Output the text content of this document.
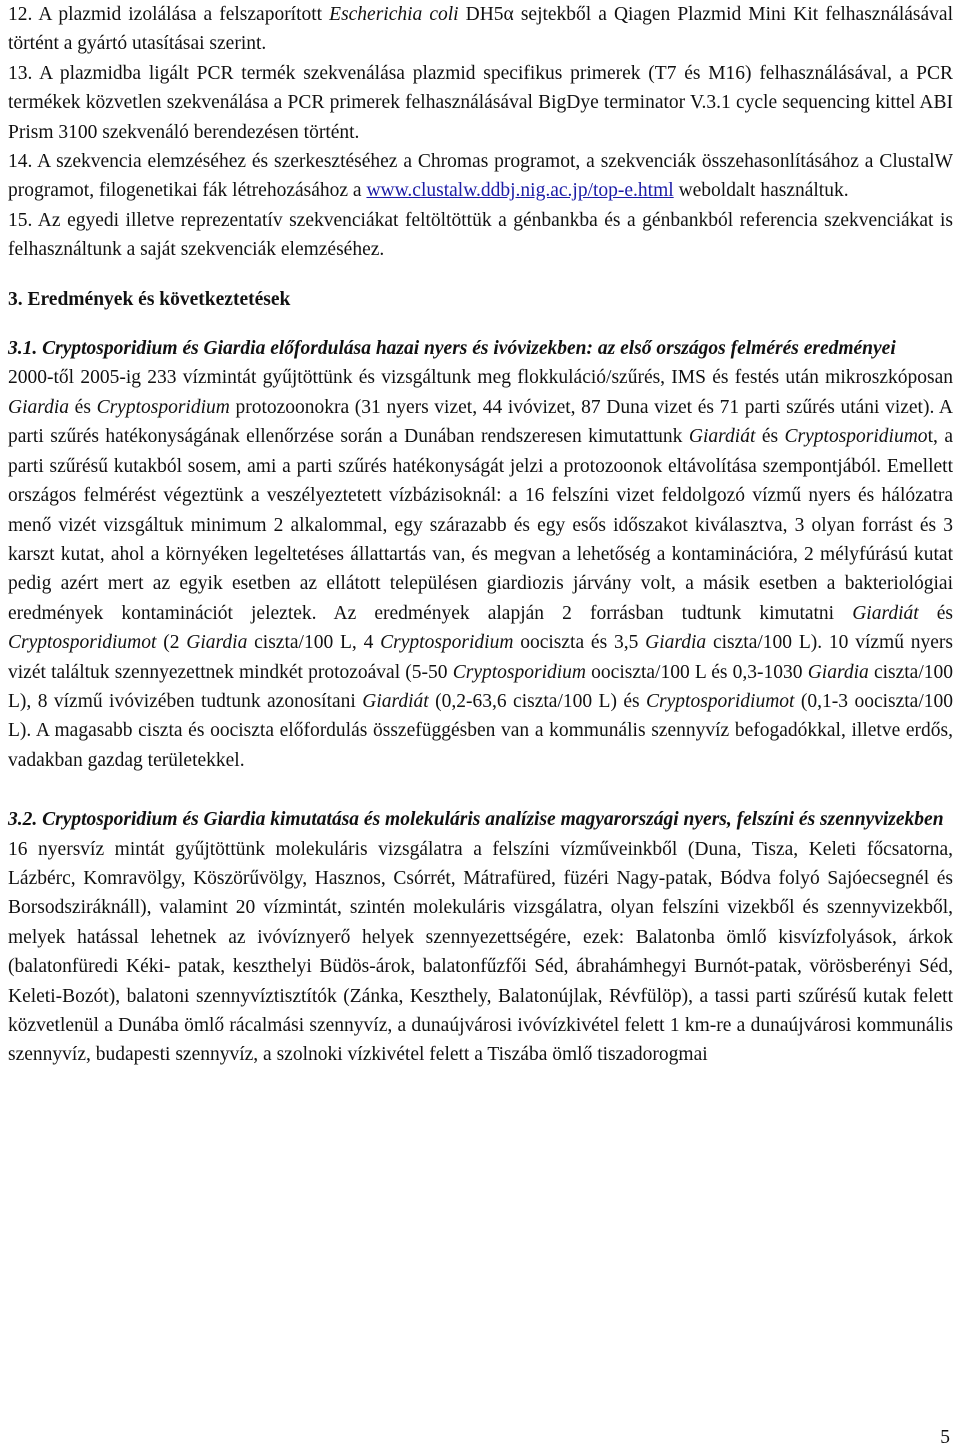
12. A plazmid izolálása a felszaporított Escherichia coli DH5α sejtekből a Qiagen Plazmid Mini Kit felhasználásával történt a gyártó utasításai szerint.

13. A plazmidba ligált PCR termék szekvenálása plazmid specifikus primerek (T7 és M16) felhasználásával, a PCR termékek közvetlen szekvenálása a PCR primerek felhasználásával BigDye terminator V.3.1 cycle sequencing kittel ABI Prism 3100 szekvenáló berendezésen történt.

14. A szekvencia elemzéséhez és szerkesztéséhez a Chromas programot, a szekvenciák összehasonlításához a ClustalW programot, filogenetikai fák létrehozásához a www.clustalw.ddbj.nig.ac.jp/top-e.html weboldalt használtuk.

15. Az egyedi illetve reprezentatív szekvenciákat feltöltöttük a génbankba és a génbankból referencia szekvenciákat is felhasználtunk a saját szekvenciák elemzéséhez.

3. Eredmények és következtetések

3.1. Cryptosporidium és Giardia előfordulása hazai nyers és ivóvizekben: az első országos felmérés eredményei

2000-től 2005-ig 233 vízmintát gyűjtöttünk és vizsgáltunk meg flokkuláció/szűrés, IMS és festés után mikroszkóposan Giardia és Cryptosporidium protozoonokra (31 nyers vizet, 44 ivóvizet, 87 Duna vizet és 71 parti szűrés utáni vizet). A parti szűrés hatékonyságának ellenőrzése során a Dunában rendszeresen kimutattunk Giardiát és Cryptosporidiumot, a parti szűrésű kutakból sosem, ami a parti szűrés hatékonyságát jelzi a protozoonok eltávolítása szempontjából. Emellett országos felmérést végeztünk a veszélyeztetett vízbázisoknál: a 16 felszíni vizet feldolgozó vízmű nyers és hálózatra menő vizét vizsgáltuk minimum 2 alkalommal, egy szárazabb és egy esős időszakot kiválasztva, 3 olyan forrást és 3 karszt kutat, ahol a környéken legeltetéses állattartás van, és megvan a lehetőség a kontaminációra, 2 mélyfúrású kutat pedig azért mert az egyik esetben az ellátott településen giardiozis járvány volt, a másik esetben a bakteriológiai eredmények kontaminációt jeleztek. Az eredmények alapján 2 forrásban tudtunk kimutatni Giardiát és Cryptosporidiumot (2 Giardia ciszta/100 L, 4 Cryptosporidium oocisztа és 3,5 Giardia ciszta/100 L). 10 vízmű nyers vizét találtuk szennyezettnek mindkét protozoával (5-50 Cryptosporidium oociszta/100 L és 0,3-1030 Giardia ciszta/100 L), 8 vízmű ivóvizében tudtunk azonosítani Giardiát (0,2-63,6 ciszta/100 L) és Cryptosporidiumot (0,1-3 oociszta/100 L). A magasabb ciszta és oociszta előfordulás összefüggésben van a kommunális szennyvíz befogadókkal, illetve erdős, vadakban gazdag területekkel.

3.2. Cryptosporidium és Giardia kimutatása és molekuláris analízise magyarországi nyers, felszíni és szennyvizekben

16 nyersvíz mintát gyűjtöttünk molekuláris vizsgálatra a felszíni vízműveinkből (Duna, Tisza, Keleti főcsatorna, Lázbérc, Komravölgy, Köszörűvölgy, Hasznos, Csórrét, Mátrafüred, füzéri Nagy-patak, Bódva folyó Sajóecsegnél és Borsodsziráknáll), valamint 20 vízmintát, szintén molekuláris vizsgálatra, olyan felszíni vizekből és szennyvizekből, melyek hatással lehetnek az ivóvíznyerő helyek szennyezettségére, ezek: Balatonba ömlő kisvízfolyások, árkok (balatonfüredi Kéki- patak, keszthelyi Büdös-árok, balatonfűzfői Séd, ábrahámhegyi Burnót-patak, vörösberényi Séd, Keleti-Bozót), balatoni szennyvíztisztítók (Zánka, Keszthely, Balatonújlak, Révfülöp), a tassi parti szűrésű kutak felett közvetlenül a Dunába ömlő rácalmási szennyvíz, a dunaújvárosi ivóvízkivétel felett 1 km-re a dunaújvárosi kommunális szennyvíz, budapesti szennyvíz, a szolnoki vízkivétel felett a Tiszába ömlő tiszadorogmai

5
